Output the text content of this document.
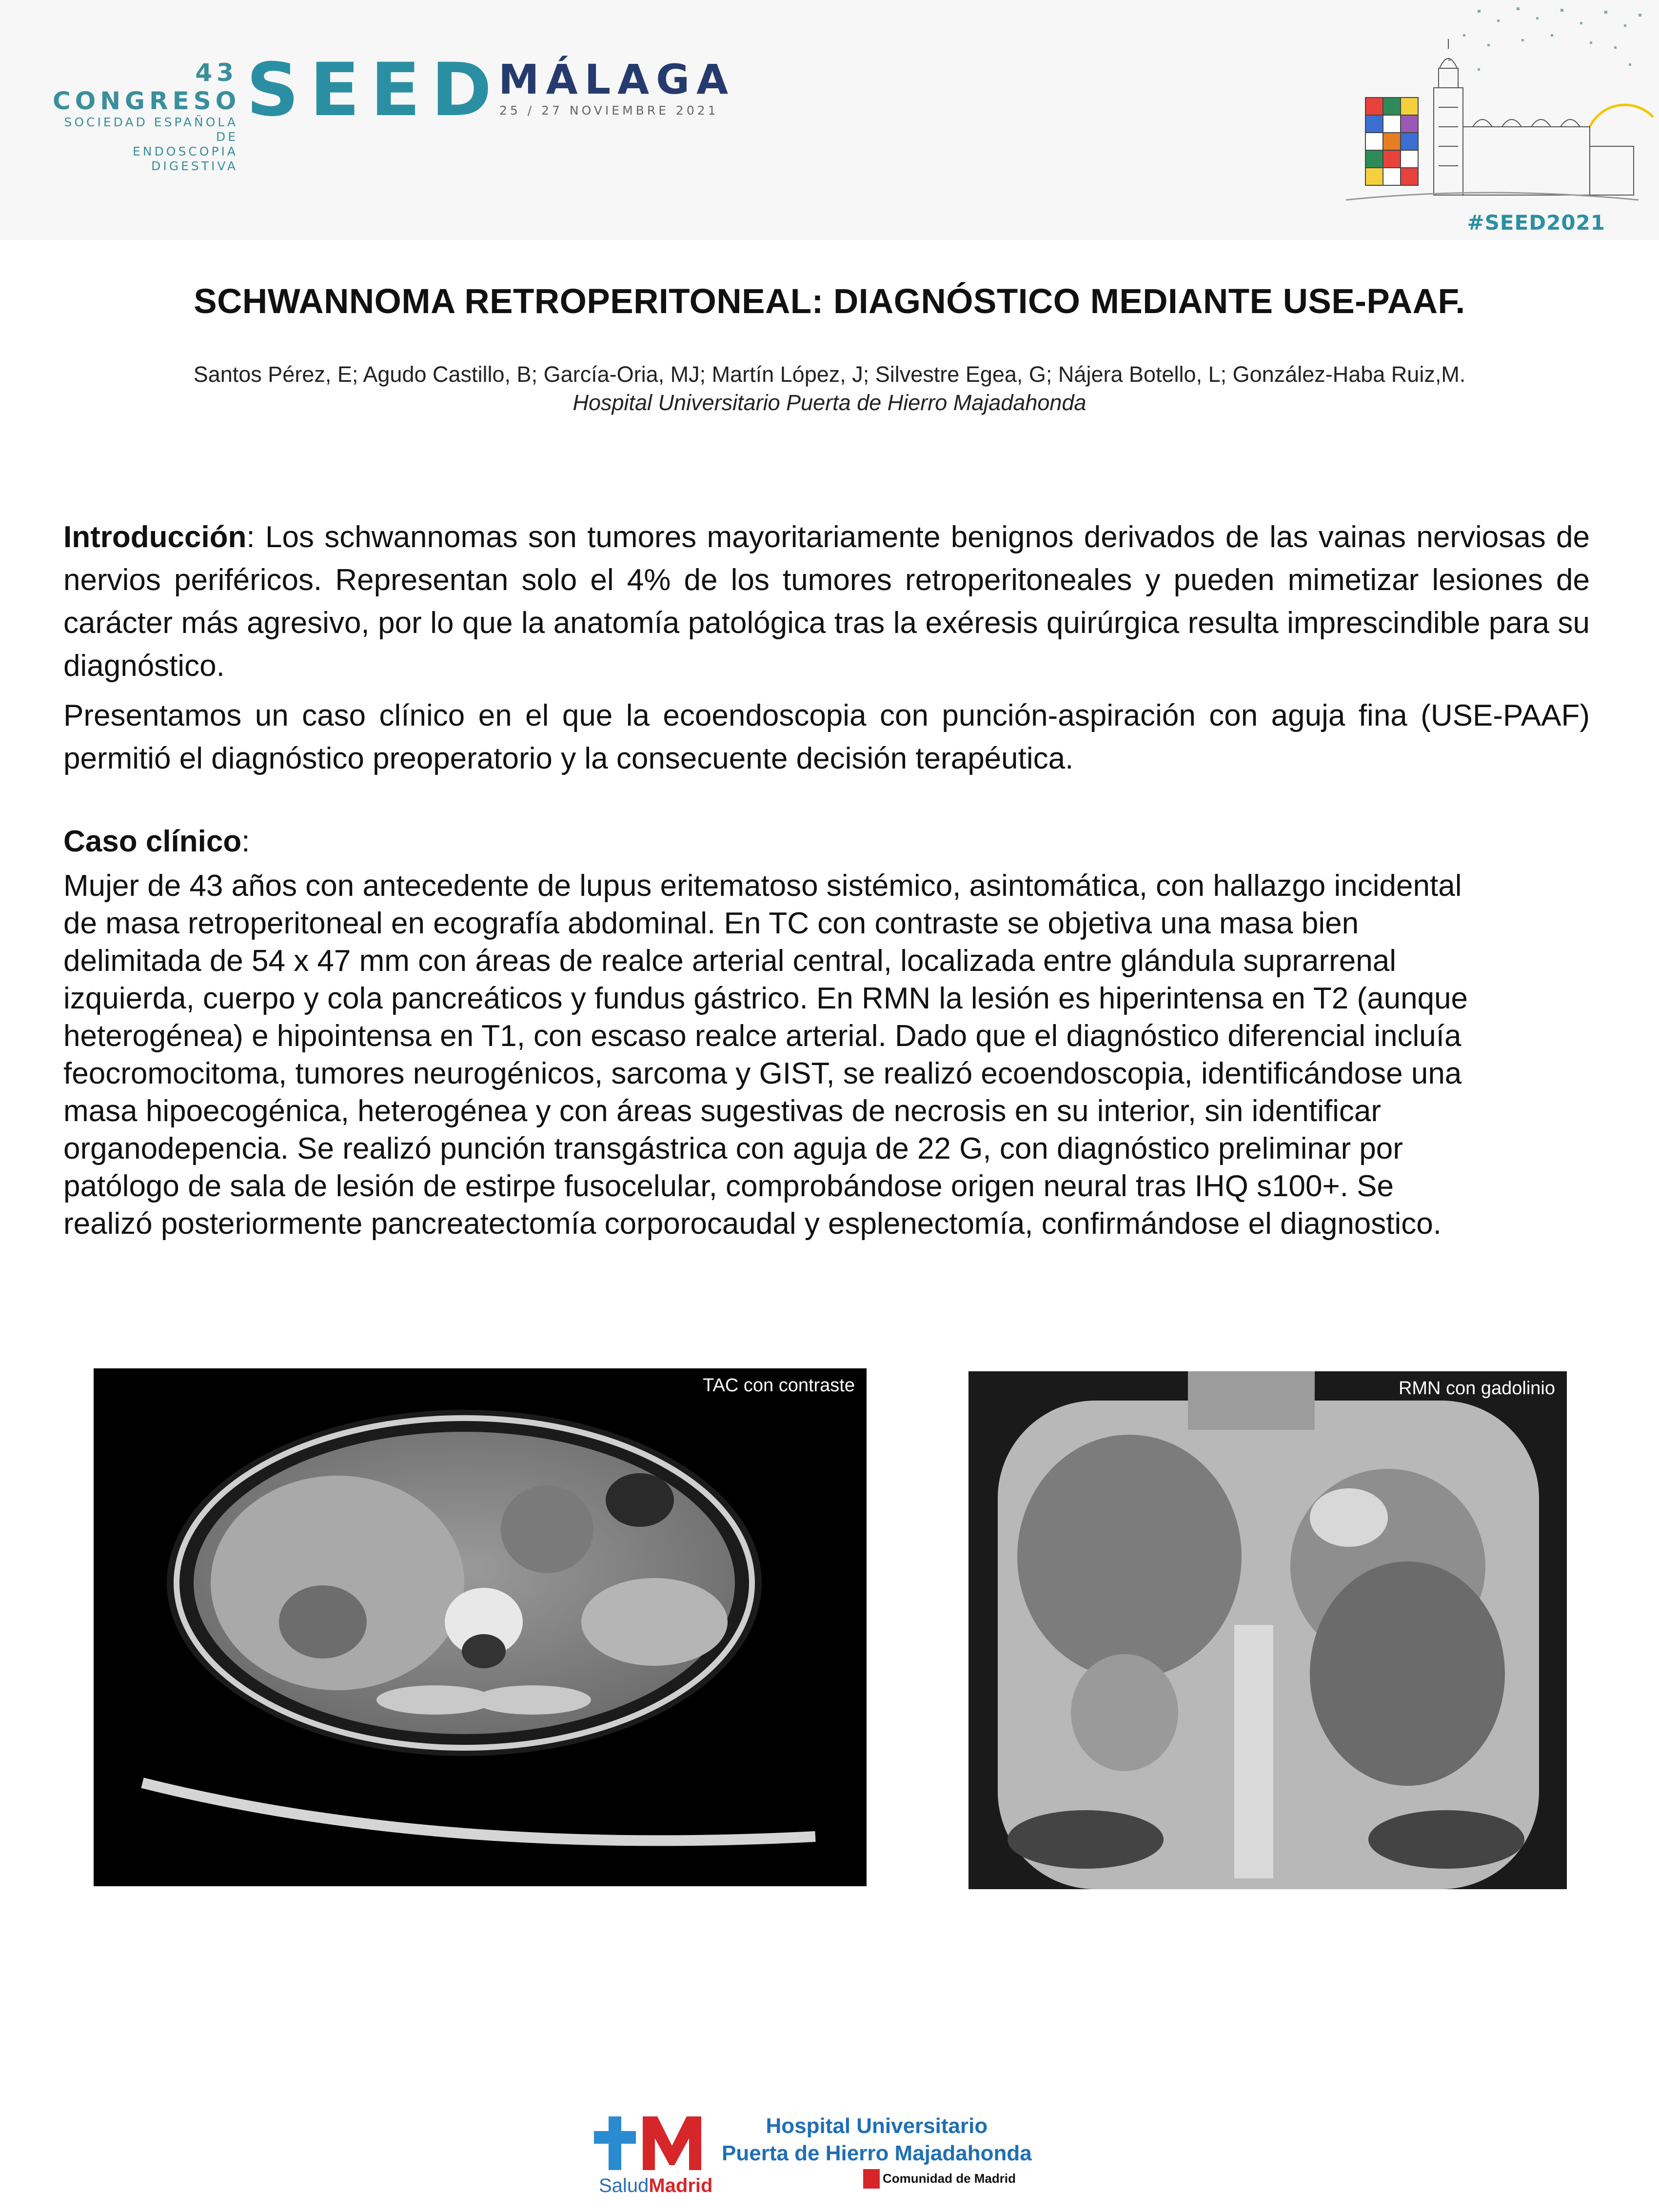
43 CONGRESO
SOCIEDAD ESPAÑOLA DE
ENDOSCOPIA DIGESTIVA
SEED
MÁLAGA
25 / 27 NOVIEMBRE 2021
#SEED2021
SCHWANNOMA RETROPERITONEAL: DIAGNÓSTICO MEDIANTE USE-PAAF.
Santos Pérez, E; Agudo Castillo, B; García-Oria, MJ; Martín López, J; Silvestre Egea, G; Nájera Botello, L; González-Haba Ruiz,M.
Hospital Universitario Puerta de Hierro Majadahonda

Introducción: Los schwannomas son tumores mayoritariamente benignos derivados de las vainas nerviosas de nervios periféricos. Representan solo el 4% de los tumores retroperitoneales y pueden mimetizar lesiones de carácter más agresivo, por lo que la anatomía patológica tras la exéresis quirúrgica resulta imprescindible para su diagnóstico.

Presentamos un caso clínico en el que la ecoendoscopia con punción-aspiración con aguja fina (USE-PAAF) permitió el diagnóstico preoperatorio y la consecuente decisión terapéutica.

Caso clínico:
Mujer de 43 años con antecedente de lupus eritematoso sistémico, asintomática, con hallazgo incidental
de masa retroperitoneal en ecografía abdominal. En TC con contraste se objetiva una masa bien
delimitada de 54 x 47 mm con áreas de realce arterial central, localizada entre glándula suprarrenal
izquierda, cuerpo y cola pancreáticos y fundus gástrico. En RMN la lesión es hiperintensa en T2 (aunque
heterogénea) e hipointensa en T1, con escaso realce arterial. Dado que el diagnóstico diferencial incluía
feocromocitoma, tumores neurogénicos, sarcoma y GIST, se realizó ecoendoscopia, identificándose una
masa hipoecogénica, heterogénea y con áreas sugestivas de necrosis en su interior, sin identificar
organodepencia. Se realizó punción transgástrica con aguja de 22 G, con diagnóstico preliminar por
patólogo de sala de lesión de estirpe fusocelular, comprobándose origen neural tras IHQ s100+. Se
realizó posteriormente pancreatectomía corporocaudal y esplenectomía, confirmándose el diagnostico.
TAC con contraste	RMN con gadolinio
SaludMadrid
Hospital Universitario
Puerta de Hierro Majadahonda
Comunidad de Madrid
